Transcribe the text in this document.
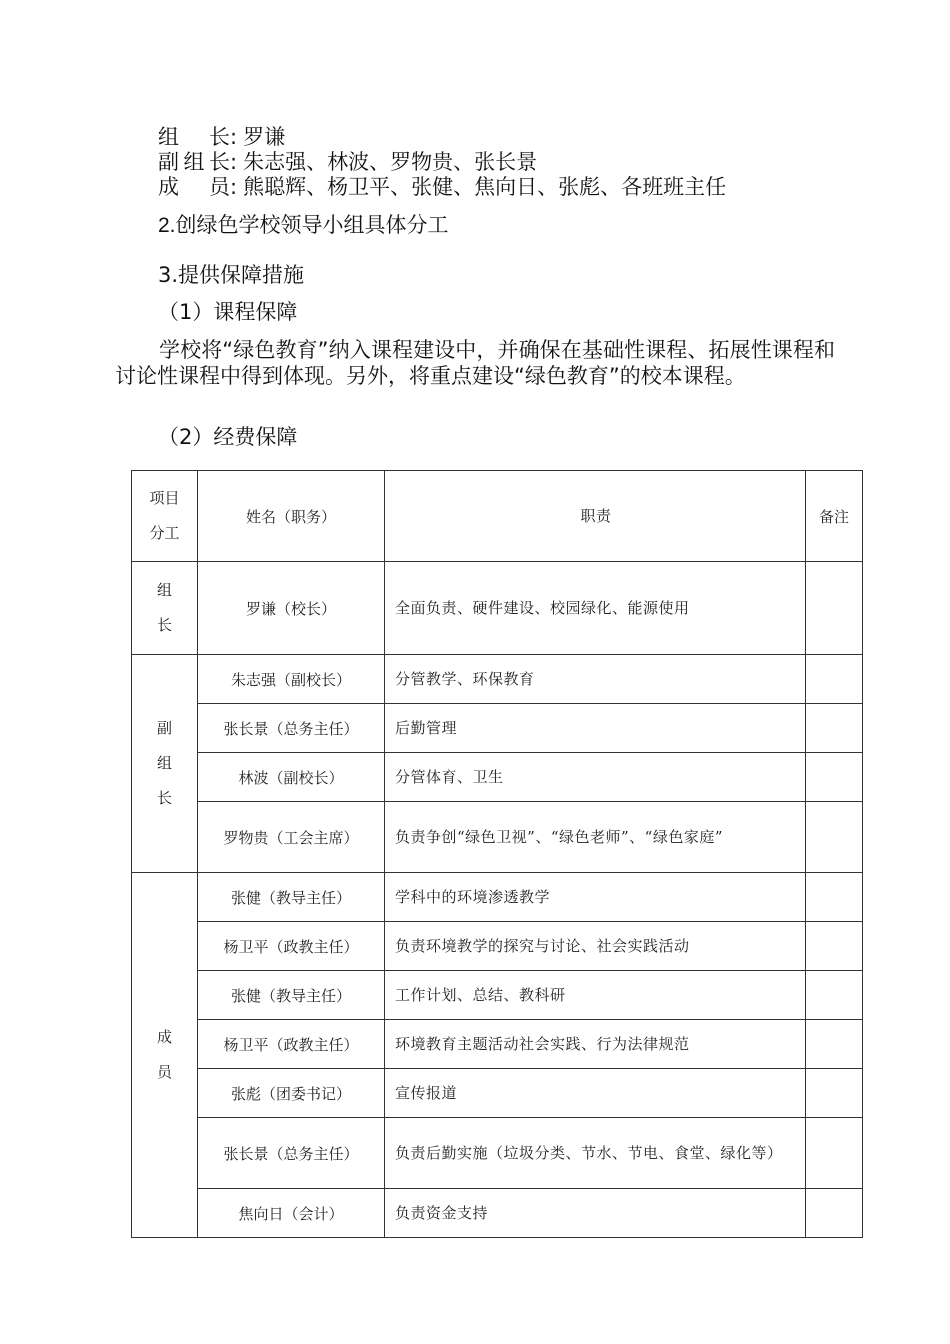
组　长: 罗谦
副组长: 朱志强、林波、罗物贵、张长景
成　员: 熊聪辉、杨卫平、张健、焦向日、张彪、各班班主任
2.创绿色学校领导小组具体分工
3.提供保障措施
（1）课程保障
学校将“绿色教育”纳入课程建设中，并确保在基础性课程、拓展性课程和讨论性课程中得到体现。另外，将重点建设“绿色教育”的校本课程。
（2）经费保障
项目
分工	姓名（职务）	职责	备注

组
长	罗谦（校长）	全面负责、硬件建设、校园绿化、能源使用	

副
组
长	朱志强（副校长）	分管教学、环保教育	
	张长景（总务主任）	后勤管理	
	林波（副校长）	分管体育、卫生	
	罗物贵（工会主席）	负责争创“绿色卫视”、“绿色老师”、“绿色家庭”	

成
员	张健（教导主任）	学科中的环境渗透教学	
	杨卫平（政教主任）	负责环境教学的探究与讨论、社会实践活动	
	张健（教导主任）	工作计划、总结、教科研	
	杨卫平（政教主任）	环境教育主题活动社会实践、行为法律规范	
	张彪（团委书记）	宣传报道	
	张长景（总务主任）	负责后勤实施（垃圾分类、节水、节电、食堂、绿化等）	
	焦向日（会计）	负责资金支持	
